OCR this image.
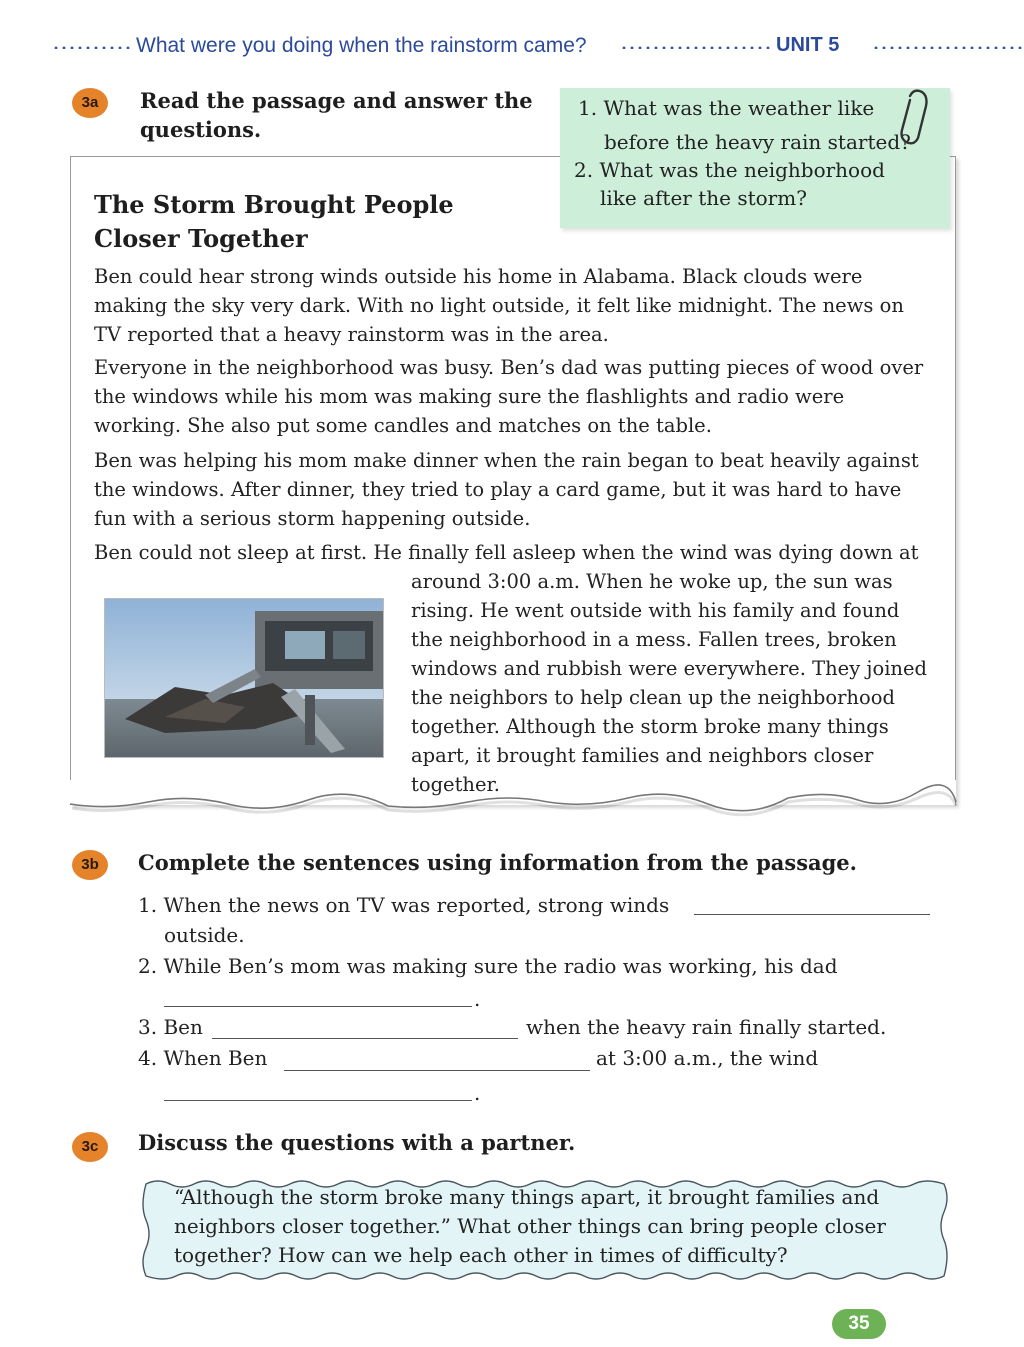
What were you doing when the rainstorm came?	UNIT 5
3a	Read the passage and answer the
questions.
The Storm Brought People
Closer Together
Ben could hear strong winds outside his home in Alabama. Black clouds were making the sky very dark. With no light outside, it felt like midnight. The news on TV reported that a heavy rainstorm was in the area.
Everyone in the neighborhood was busy. Ben’s dad was putting pieces of wood over the windows while his mom was making sure the flashlights and radio were working. She also put some candles and matches on the table.
Ben was helping his mom make dinner when the rain began to beat heavily against the windows. After dinner, they tried to play a card game, but it was hard to have fun with a serious storm happening outside.
Ben could not sleep at first. He finally fell asleep when the wind was dying down at
around 3:00 a.m. When he woke up, the sun was rising. He went outside with his family and found the neighborhood in a mess. Fallen trees, broken windows and rubbish were everywhere. They joined the neighbors to help clean up the neighborhood together. Although the storm broke many things apart, it brought families and neighbors closer together.
1. What was the weather like
before the heavy rain started?
2. What was the neighborhood
like after the storm?
3b	Complete the sentences using information from the passage.
1. When the news on TV was reported, strong winds
outside.
2. While Ben’s mom was making sure the radio was working, his dad
.
3. Ben	when the heavy rain finally started.
4. When Ben	at 3:00 a.m., the wind
.
3c	Discuss the questions with a partner.
“Although the storm broke many things apart, it brought families and neighbors closer together.” What other things can bring people closer together? How can we help each other in times of difficulty?
35
